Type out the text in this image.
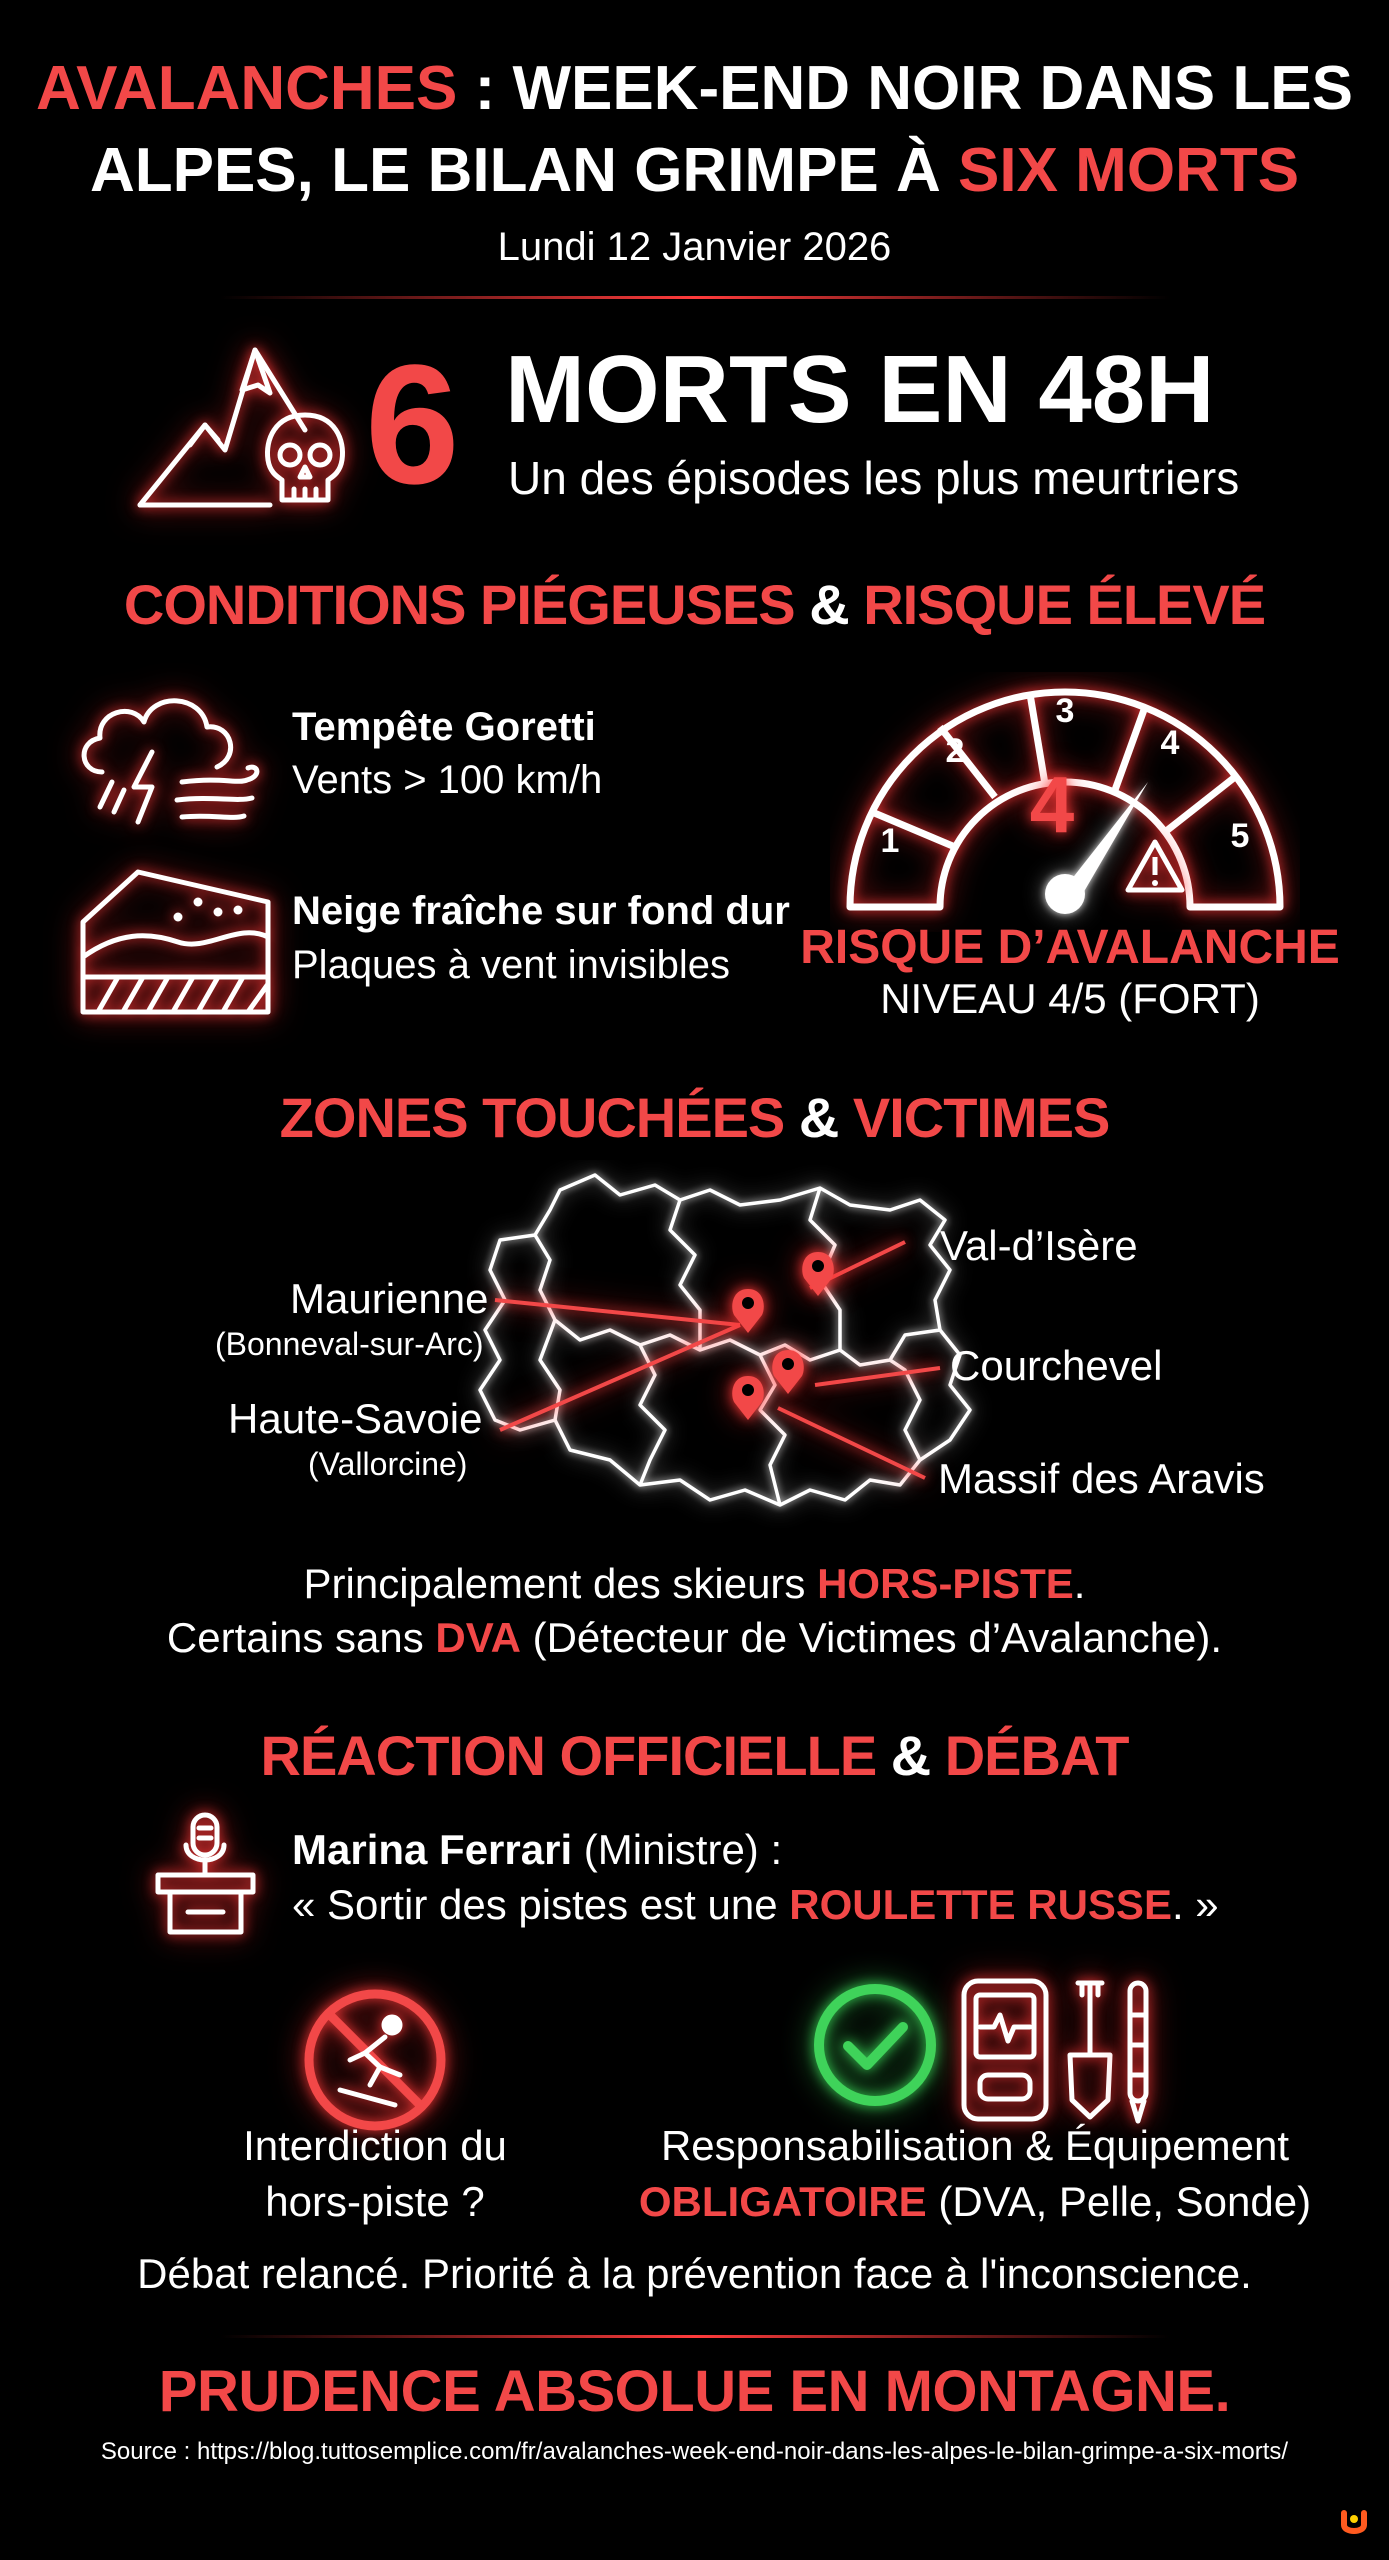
AVALANCHES : WEEK-END NOIR DANS LES
ALPES, LE BILAN GRIMPE À SIX MORTS
Lundi 12 Janvier 2026
6 MORTS EN 48H
Un des épisodes les plus meurtriers
CONDITIONS PIÉGEUSES & RISQUE ÉLEVÉ
Tempête Goretti
Vents > 100 km/h
Neige fraîche sur fond dur
Plaques à vent invisibles
1
2
3
4
5
4
RISQUE D’AVALANCHE
NIVEAU 4/5 (FORT)
ZONES TOUCHÉES & VICTIMES
Maurienne
(Bonneval-sur-Arc)
Haute-Savoie
(Vallorcine)
Val-d’Isère
Courchevel
Massif des Aravis
Principalement des skieurs HORS-PISTE.
Certains sans DVA (Détecteur de Victimes d’Avalanche).
RÉACTION OFFICIELLE & DÉBAT
Marina Ferrari (Ministre) :
« Sortir des pistes est une ROULETTE RUSSE. »
Interdiction du
hors-piste ?
Responsabilisation & Équipement
OBLIGATOIRE (DVA, Pelle, Sonde)
Débat relancé. Priorité à la prévention face à l'inconscience.
PRUDENCE ABSOLUE EN MONTAGNE.
Source : https://blog.tuttosemplice.com/fr/avalanches-week-end-noir-dans-les-alpes-le-bilan-grimpe-a-six-morts/
